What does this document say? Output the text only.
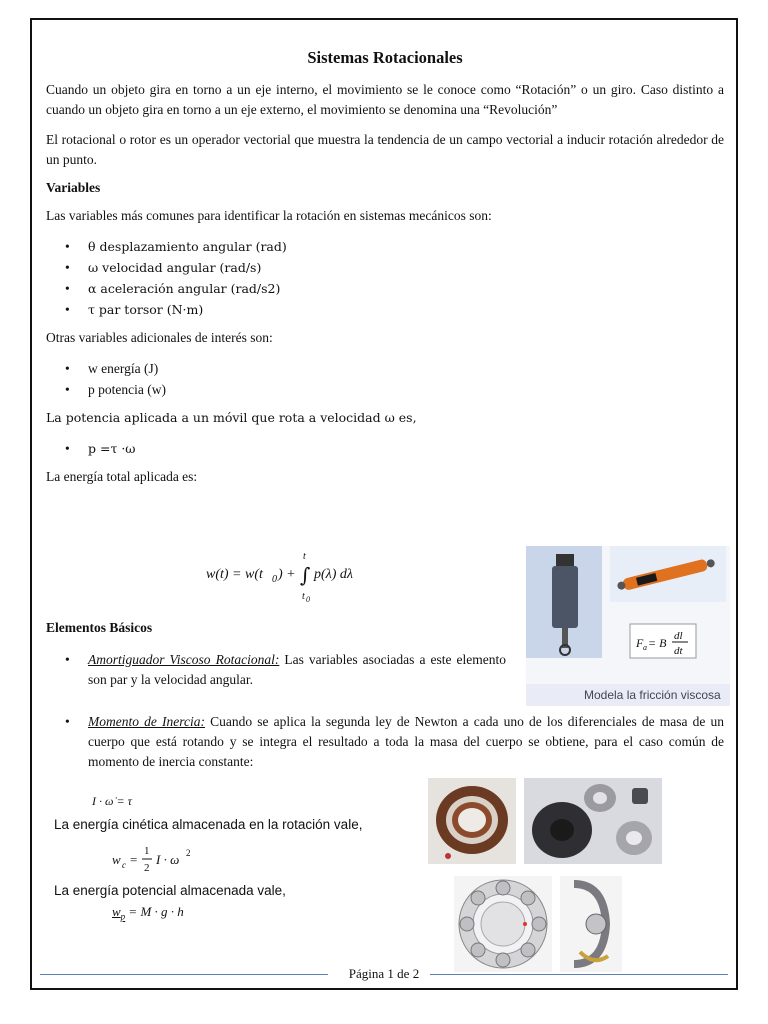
Sistemas Rotacionales

Cuando un objeto gira en torno a un eje interno, el movimiento se le conoce como “Rotación” o un giro. Caso distinto a cuando un objeto gira en torno a un eje externo, el movimiento se denomina una “Revolución”

El rotacional o rotor es un operador vectorial que muestra la tendencia de un campo vectorial a inducir rotación alrededor de un punto.

Variables

Las variables más comunes para identificar la rotación en sistemas mecánicos son:

• θ desplazamiento angular (rad)
• ω velocidad angular (rad/s)
• α aceleración angular (rad/s2)
• τ par torsor (N·m)

Otras variables adicionales de interés son:

• w energía (J)
• p potencia (w)

La potencia aplicada a un móvil que rota a velocidad ω es,

• p =τ ·ω

La energía total aplicada es:

w(t) = w(t 0 ) + ∫
t
t 0
p(λ) dλ
Elementos Básicos
•	Amortiguador Viscoso Rotacional: Las variables asociadas a este elemento son par y la velocidad angular.
F a = B dl
dt
Modela la fricción viscosa
•	Momento de Inercia: Cuando se aplica la segunda ley de Newton a cada uno de los diferenciales de masa de un cuerpo que está rotando y se integra el resultado a toda la masa del cuerpo se obtiene, para el caso común de momento de inercia constante:
I · ω̇ = τ
La energía cinética almacenada en la rotación vale,
w c =
1
2
I · ω 2
La energía potencial almacenada vale,
$w_p = M \cdot g \cdot h$
Página 1 de 2
